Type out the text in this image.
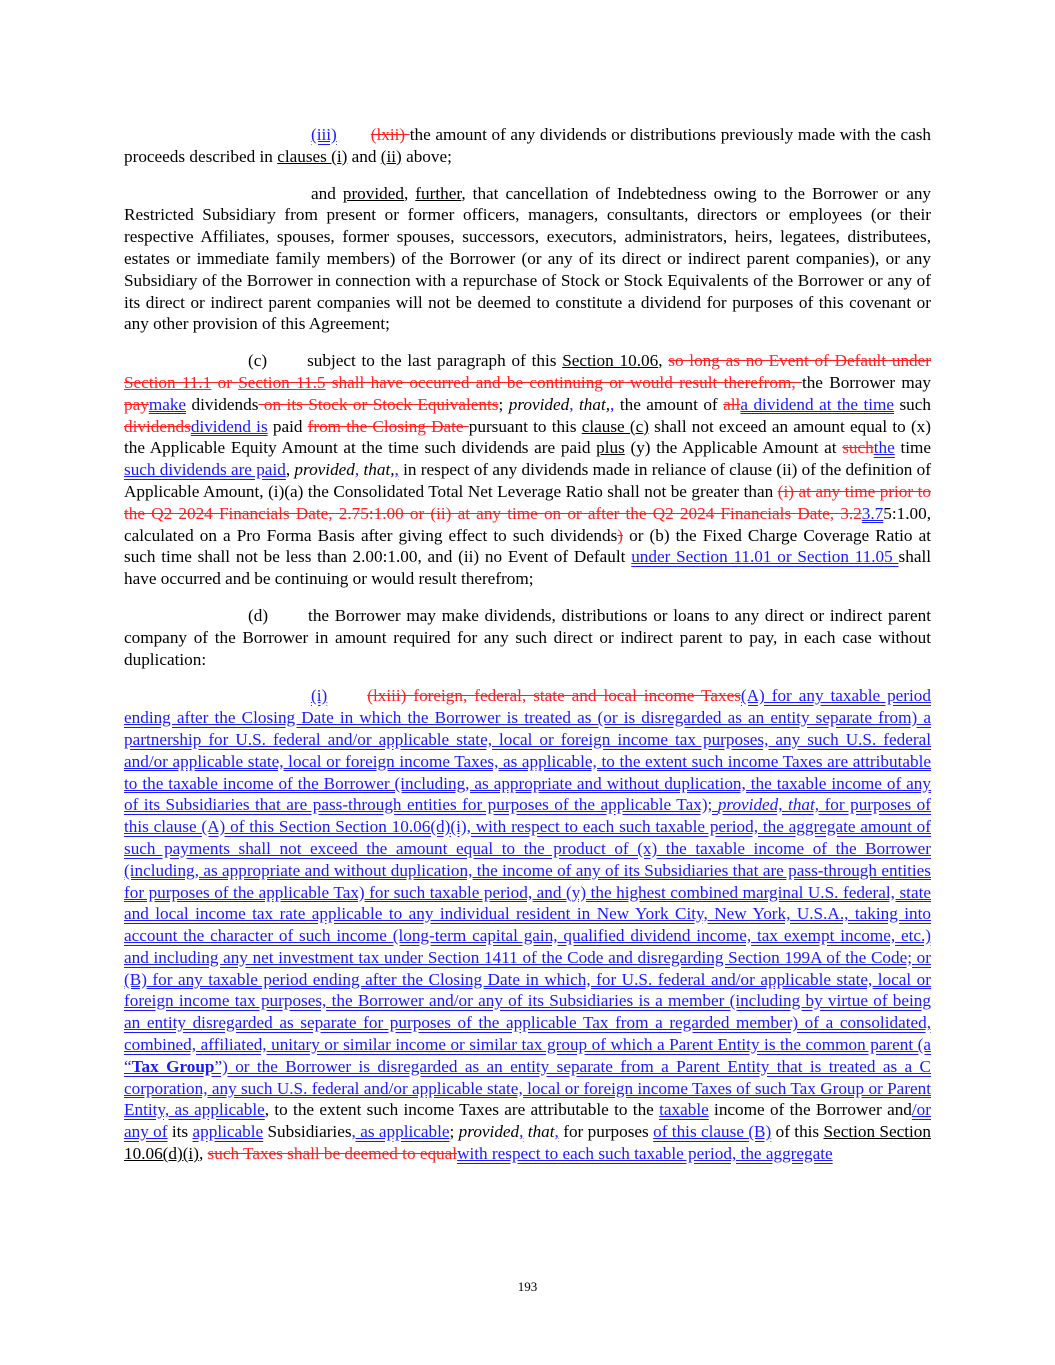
(iii) (lxii) the amount of any dividends or distributions previously made with the cash proceeds described in clauses (i) and (ii) above;

and provided, further, that cancellation of Indebtedness owing to the Borrower or any Restricted Subsidiary from present or former officers, managers, consultants, directors or employees (or their respective Affiliates, spouses, former spouses, successors, executors, administrators, heirs, legatees, distributees, estates or immediate family members) of the Borrower (or any of its direct or indirect parent companies), or any Subsidiary of the Borrower in connection with a repurchase of Stock or Stock Equivalents of the Borrower or any of its direct or indirect parent companies will not be deemed to constitute a dividend for purposes of this covenant or any other provision of this Agreement;

(c) subject to the last paragraph of this Section 10.06, so long as no Event of Default under Section 11.1 or Section 11.5 shall have occurred and be continuing or would result therefrom, the Borrower may paymake dividends on its Stock or Stock Equivalents; provided, that,, the amount of alla dividend at the time such dividendsdividend is paid from the Closing Date pursuant to this clause (c) shall not exceed an amount equal to (x) the Applicable Equity Amount at the time such dividends are paid plus (y) the Applicable Amount at suchthe time such dividends are paid, provided, that,, in respect of any dividends made in reliance of clause (ii) of the definition of Applicable Amount, (i)(a) the Consolidated Total Net Leverage Ratio shall not be greater than (i) at any time prior to the Q2 2024 Financials Date, 2.75:1.00 or (ii) at any time on or after the Q2 2024 Financials Date, 3.23.75:1.00, calculated on a Pro Forma Basis after giving effect to such dividends) or (b) the Fixed Charge Coverage Ratio at such time shall not be less than 2.00:1.00, and (ii) no Event of Default under Section 11.01 or Section 11.05 shall have occurred and be continuing or would result therefrom;

(d) the Borrower may make dividends, distributions or loans to any direct or indirect parent company of the Borrower in amount required for any such direct or indirect parent to pay, in each case without duplication:

(i) (lxiii) foreign, federal, state and local income Taxes(A) for any taxable period ending after the Closing Date in which the Borrower is treated as (or is disregarded as an entity separate from) a partnership for U.S. federal and/or applicable state, local or foreign income tax purposes, any such U.S. federal and/or applicable state, local or foreign income Taxes, as applicable, to the extent such income Taxes are attributable to the taxable income of the Borrower (including, as appropriate and without duplication, the taxable income of any of its Subsidiaries that are pass-through entities for purposes of the applicable Tax); provided, that, for purposes of this clause (A) of this Section Section 10.06(d)(i), with respect to each such taxable period, the aggregate amount of such payments shall not exceed the amount equal to the product of (x) the taxable income of the Borrower (including, as appropriate and without duplication, the income of any of its Subsidiaries that are pass-through entities for purposes of the applicable Tax) for such taxable period, and (y) the highest combined marginal U.S. federal, state and local income tax rate applicable to any individual resident in New York City, New York, U.S.A., taking into account the character of such income (long-term capital gain, qualified dividend income, tax exempt income, etc.) and including any net investment tax under Section 1411 of the Code and disregarding Section 199A of the Code; or (B) for any taxable period ending after the Closing Date in which, for U.S. federal and/or applicable state, local or foreign income tax purposes, the Borrower and/or any of its Subsidiaries is a member (including by virtue of being an entity disregarded as separate for purposes of the applicable Tax from a regarded member) of a consolidated, combined, affiliated, unitary or similar income or similar tax group of which a Parent Entity is the common parent (a “Tax Group”) or the Borrower is disregarded as an entity separate from a Parent Entity that is treated as a C corporation, any such U.S. federal and/or applicable state, local or foreign income Taxes of such Tax Group or Parent Entity, as applicable, to the extent such income Taxes are attributable to the taxable income of the Borrower and/or any of its applicable Subsidiaries, as applicable; provided, that, for purposes of this clause (B) of this Section Section 10.06(d)(i), such Taxes shall be deemed to equalwith respect to each such taxable period, the aggregate

193
